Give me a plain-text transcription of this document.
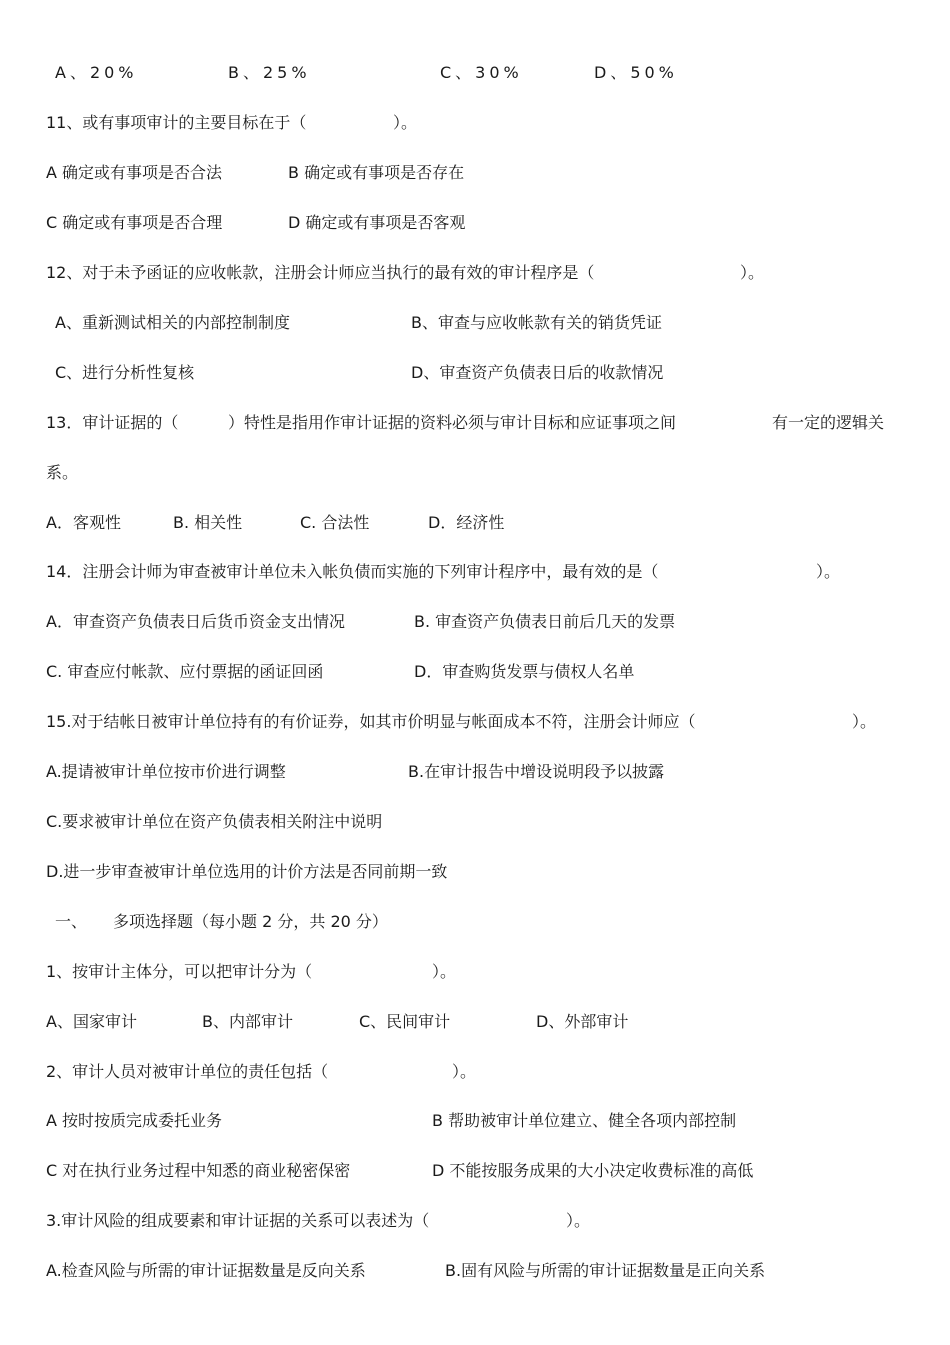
A、20%	B、25%	C、30%	D、50%
11、或有事项审计的主要目标在于（	）。
A 确定或有事项是否合法	B 确定或有事项是否存在
C 确定或有事项是否合理	D 确定或有事项是否客观
12、对于未予函证的应收帐款，注册会计师应当执行的最有效的审计程序是（	）。
A、重新测试相关的内部控制制度	B、审查与应收帐款有关的销货凭证
C、进行分析性复核	D、审查资产负债表日后的收款情况
13．审计证据的（	）特性是指用作审计证据的资料必须与审计目标和应证事项之间	有一定的逻辑关
系。
A．客观性	B. 相关性	C. 合法性	D．经济性
14．注册会计师为审查被审计单位未入帐负债而实施的下列审计程序中，最有效的是（	）。
A．审查资产负债表日后货币资金支出情况	B. 审查资产负债表日前后几天的发票
C. 审查应付帐款、应付票据的函证回函	D．审查购货发票与债权人名单
15.对于结帐日被审计单位持有的有价证券，如其市价明显与帐面成本不符，注册会计师应（	）。
A.提请被审计单位按市价进行调整	B.在审计报告中增设说明段予以披露
C.要求被审计单位在资产负债表相关附注中说明
D.进一步审查被审计单位选用的计价方法是否同前期一致
一、 多项选择题（每小题 2 分，共 20 分）
1、按审计主体分，可以把审计分为（	）。
A、国家审计	B、内部审计	C、民间审计	D、外部审计
2、审计人员对被审计单位的责任包括（	）。
A 按时按质完成委托业务	B 帮助被审计单位建立、健全各项内部控制
C 对在执行业务过程中知悉的商业秘密保密	D 不能按服务成果的大小决定收费标准的高低
3.审计风险的组成要素和审计证据的关系可以表述为（	）。
A.检查风险与所需的审计证据数量是反向关系	B.固有风险与所需的审计证据数量是正向关系
